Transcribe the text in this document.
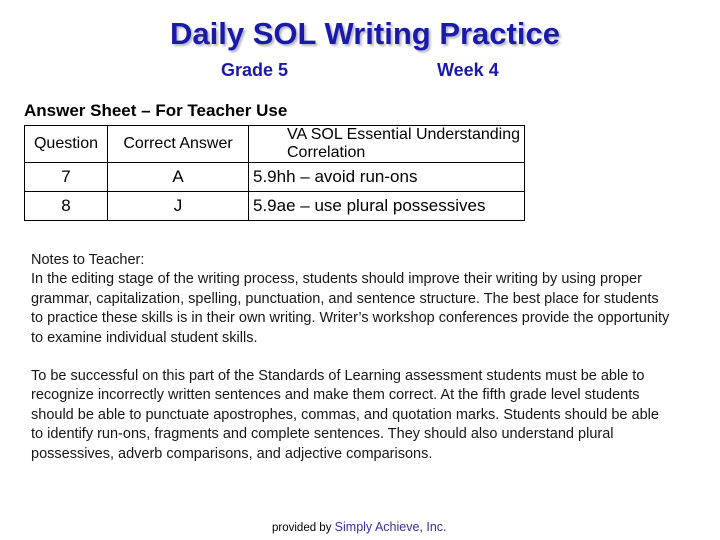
Daily SOL Writing Practice
Grade 5	Week 4
Answer Sheet – For Teacher Use
Question	Correct Answer	VA SOL Essential Understanding Correlation
7	A	5.9hh – avoid run-ons
8	J	5.9ae – use plural possessives

Notes to Teacher:

In the editing stage of the writing process, students should improve their writing by using proper grammar, capitalization, spelling, punctuation, and sentence structure. The best place for students to practice these skills is in their own writing. Writer’s workshop conferences provide the opportunity to examine individual student skills.

To be successful on this part of the Standards of Learning assessment students must be able to recognize incorrectly written sentences and make them correct. At the fifth grade level students should be able to punctuate apostrophes, commas, and quotation marks. Students should be able to identify run-ons, fragments and complete sentences. They should also understand plural possessives, adverb comparisons, and adjective comparisons.

provided by Simply Achieve, Inc.
